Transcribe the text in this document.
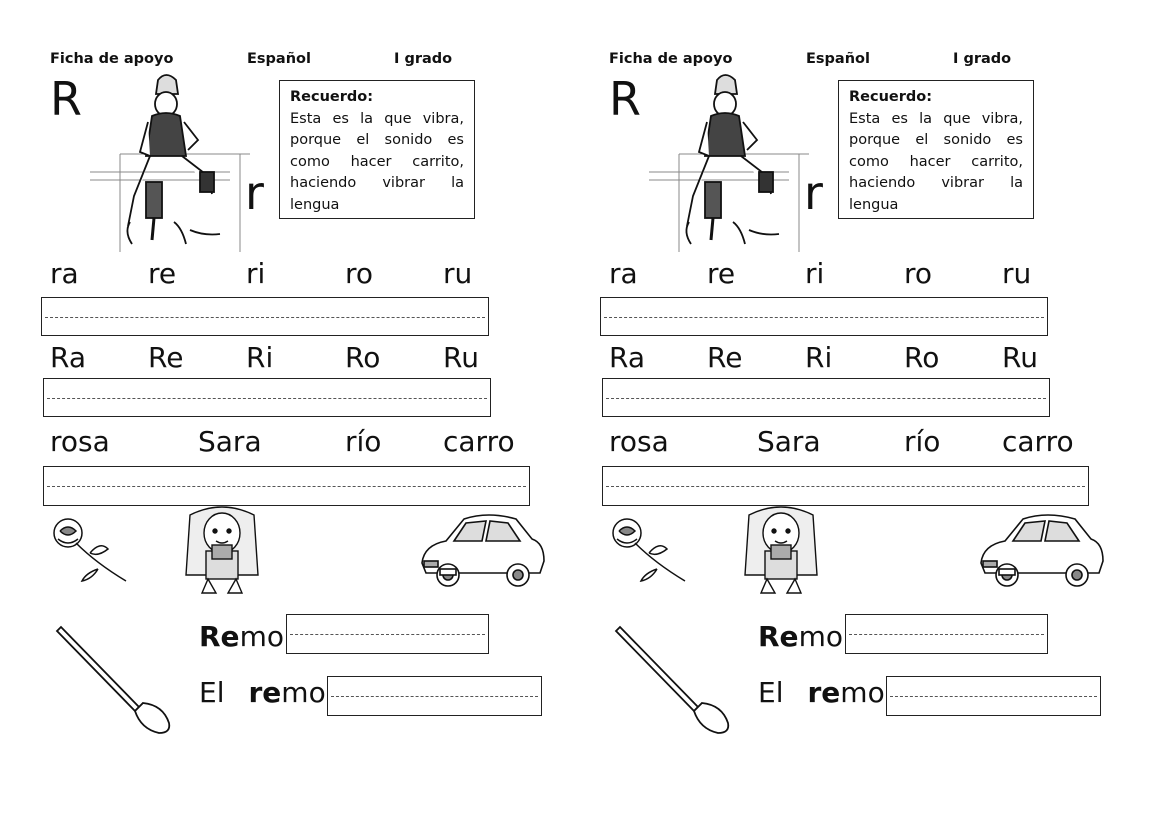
Ficha de apoyo	Español	I grado
R
r
Recuerdo:
Esta es la que vibra, porque el sonido es como hacer carrito, haciendo vibrar la lengua
ra re ri	ro ru
Ra Re Ri	Ro Ru
rosa	Sara	río carro
Remo
El remo
Ficha de apoyo	Español	I grado
R
r
Recuerdo:
Esta es la que vibra, porque el sonido es como hacer carrito, haciendo vibrar la lengua
ra re ri	ro ru
Ra Re Ri	Ro Ru
rosa	Sara	río carro
Remo
El remo
